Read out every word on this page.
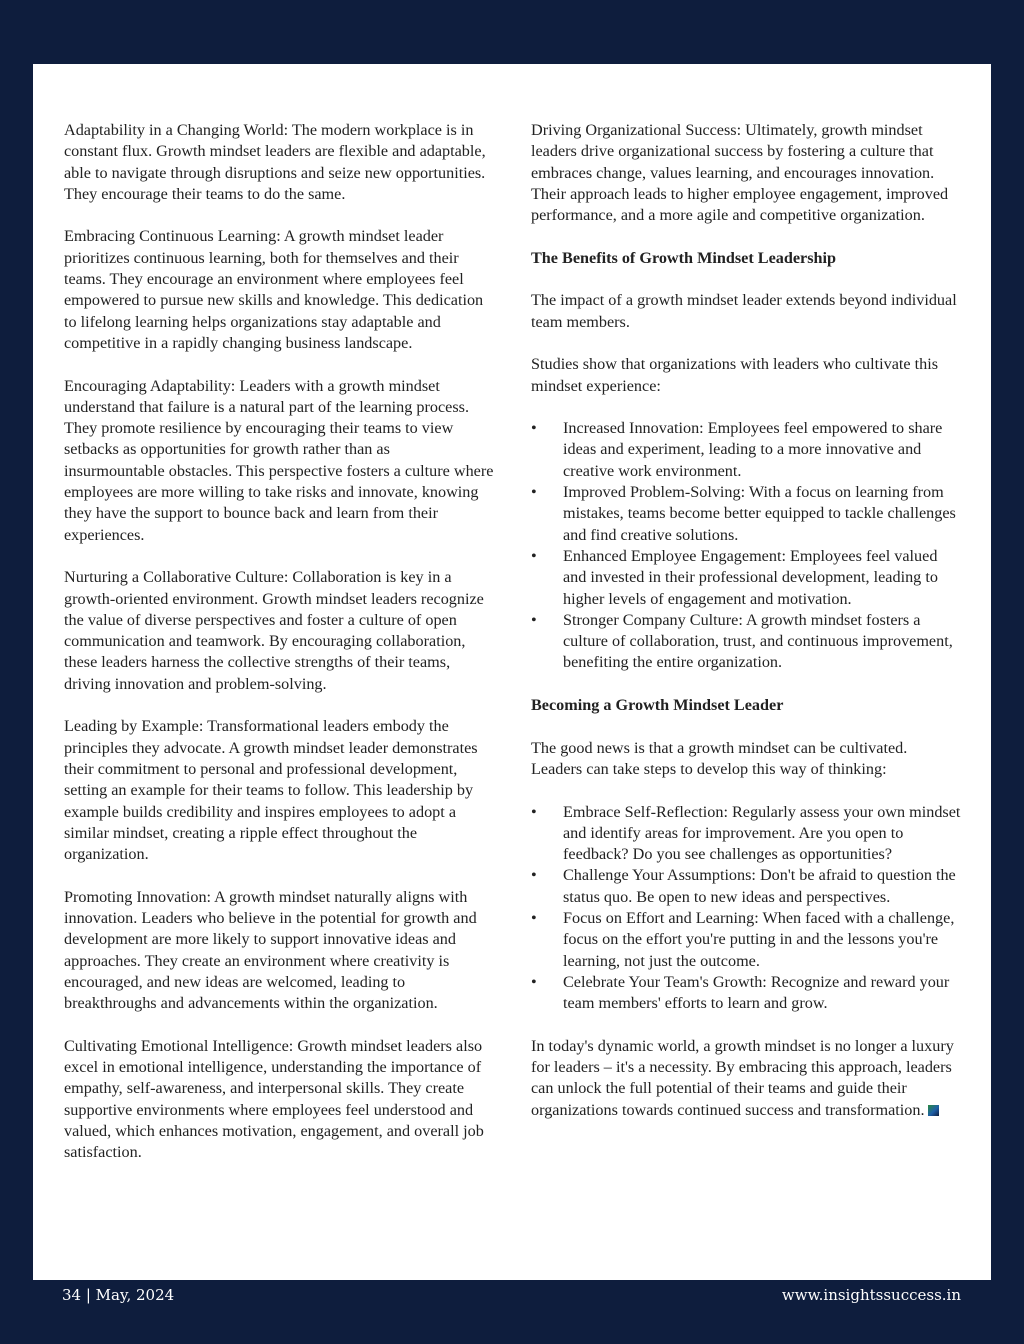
Adaptability in a Changing World: The modern workplace is in constant flux. Growth mindset leaders are flexible and adaptable, able to navigate through disruptions and seize new opportunities. They encourage their teams to do the same.

Embracing Continuous Learning: A growth mindset leader prioritizes continuous learning, both for themselves and their teams. They encourage an environment where employees feel empowered to pursue new skills and knowledge. This dedication to lifelong learning helps organizations stay adaptable and competitive in a rapidly changing business landscape.

Encouraging Adaptability: Leaders with a growth mindset understand that failure is a natural part of the learning process. They promote resilience by encouraging their teams to view setbacks as opportunities for growth rather than as insurmountable obstacles. This perspective fosters a culture where employees are more willing to take risks and innovate, knowing they have the support to bounce back and learn from their experiences.

Nurturing a Collaborative Culture: Collaboration is key in a growth-oriented environment. Growth mindset leaders recognize the value of diverse perspectives and foster a culture of open communication and teamwork. By encouraging collaboration, these leaders harness the collective strengths of their teams, driving innovation and problem-solving.

Leading by Example: Transformational leaders embody the principles they advocate. A growth mindset leader demonstrates their commitment to personal and professional development, setting an example for their teams to follow. This leadership by example builds credibility and inspires employees to adopt a similar mindset, creating a ripple effect throughout the organization.

Promoting Innovation: A growth mindset naturally aligns with innovation. Leaders who believe in the potential for growth and development are more likely to support innovative ideas and approaches. They create an environment where creativity is encouraged, and new ideas are welcomed, leading to breakthroughs and advancements within the organization.

Cultivating Emotional Intelligence: Growth mindset leaders also excel in emotional intelligence, understanding the importance of empathy, self-awareness, and interpersonal skills. They create supportive environments where employees feel understood and valued, which enhances motivation, engagement, and overall job satisfaction.

Driving Organizational Success: Ultimately, growth mindset leaders drive organizational success by fostering a culture that embraces change, values learning, and encourages innovation. Their approach leads to higher employee engagement, improved performance, and a more agile and competitive organization.

The Benefits of Growth Mindset Leadership

The impact of a growth mindset leader extends beyond individual team members.

Studies show that organizations with leaders who cultivate this mindset experience:

• Increased Innovation: Employees feel empowered to share ideas and experiment, leading to a more innovative and creative work environment.
• Improved Problem-Solving: With a focus on learning from mistakes, teams become better equipped to tackle challenges and find creative solutions.
• Enhanced Employee Engagement: Employees feel valued and invested in their professional development, leading to higher levels of engagement and motivation.
• Stronger Company Culture: A growth mindset fosters a culture of collaboration, trust, and continuous improvement, benefiting the entire organization.
Becoming a Growth Mindset Leader

The good news is that a growth mindset can be cultivated. Leaders can take steps to develop this way of thinking:

• Embrace Self-Reflection: Regularly assess your own mindset and identify areas for improvement. Are you open to feedback? Do you see challenges as opportunities?
• Challenge Your Assumptions: Don't be afraid to question the status quo. Be open to new ideas and perspectives.
• Focus on Effort and Learning: When faced with a challenge, focus on the effort you're putting in and the lessons you're learning, not just the outcome.
• Celebrate Your Team's Growth: Recognize and reward your team members' efforts to learn and grow.

In today's dynamic world, a growth mindset is no longer a luxury for leaders – it's a necessity. By embracing this approach, leaders can unlock the full potential of their teams and guide their organizations towards continued success and transformation.

34 | May, 2024	www.insightssuccess.in
